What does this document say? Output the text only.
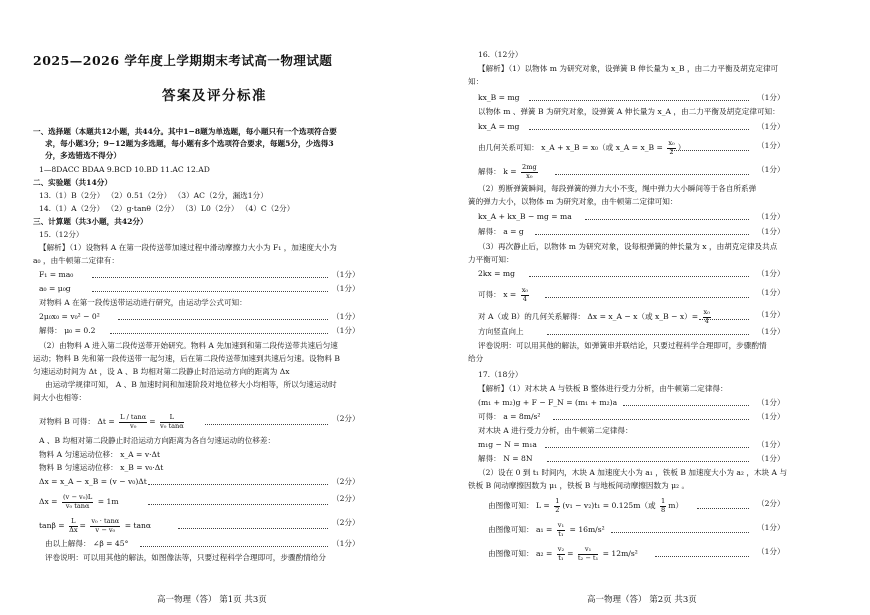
2025—2026 学年度上学期期末考试高一物理试题
答案及评分标准
一、选择题（本题共12小题，共44分。其中1−8题为单选题，每小题只有一个选项符合要
求，每小题3分；9−12题为多选题，每小题有多个选项符合要求，每题5分，少选得3
分，多选错选不得分）
1—8DACC BDAA 9.BCD 10.BD 11.AC 12.AD
二、实验题（共14分）
13.（1）B（2分） （2）0.51（2分） （3）AC（2分，漏选1分）
14.（1）A（2分） （2）g·tanθ（2分） （3）L0（2分） （4）C（2分）
三、计算题（共3小题，共42分）
15.（12分）
【解析】（1）设物料 A 在第一段传送带加速过程中滑动摩擦力大小为 F₁ ，加速度大小为
a₀ ，由牛顿第二定律有：
F₁ = ma₀	（1分）
a₀ = μ₀g	（1分）
对物料 A 在第一段传送带运动进行研究，由运动学公式可知：
2μ₀x₀ = v₀² − 0²	（1分）
解得： μ₀ = 0.2	（1分）
（2）由物料 A 进入第二段传送带开始研究。物料 A 先加速到和第二段传送带共速后匀速
运动；物料 B 先和第一段传送带一起匀速，后在第二段传送带加速到共速后匀速。设物料 B
匀速运动时间为 Δt ，设 A 、B 均相对第二段静止时沿运动方向的距离为 Δx
由运动学规律可知， A 、B 加速时间和加速阶段对地位移大小均相等，所以匀速运动时
间大小也相等：
对物料 B 可得： $\Delta t = \frac{L / \tan\alpha}{\text{v₀}} = \frac{L}{\text{v₀ tanα}}$	（2分）
A 、B 均相对第二段静止时沿运动方向距离为各自匀速运动的位移差：
物料 A 匀速运动位移： x_A = v·Δt
物料 B 匀速运动位移： x_B = v₀·Δt
Δx = x_A − x_B = (v − v₀)Δt	（2分）
$\Delta x = \frac{\text{(v − v₀)L}}{\text{v₀ tanα}} = 1m$	（2分）
$\tan\beta = \frac{L}{\Delta x} = \frac{\text{v₀ · tanα}}{\text{v − v₀}} = \tan\alpha$	（2分）
由以上解得： ∠β = 45°	（1分）
评卷说明：可以用其他的解法，如图像法等，只要过程科学合理即可，步骤酌情给分
高一物理（答） 第1页 共3页
16.（12分）
【解析】（1）以物体 m 为研究对象，设弹簧 B 伸长量为 x_B ，由二力平衡及胡克定律可
知：
kx_B = mg	（1分）
以物体 m 、弹簧 B 为研究对象，设弹簧 A 伸长量为 x_A ，由二力平衡及胡克定律可知：
kx_A = mg	（1分）
由几何关系可知： x_A + x_B = x₀（或 x_A = x_B = $\frac{\text{x₀}}{2}$ ）	（1分）
解得： $k = \frac{2mg}{\text{x₀}}$	（1分）
（2）剪断弹簧瞬间，每段弹簧的弹力大小不变，绳中弹力大小瞬间等于各自所系弹
簧的弹力大小，以物体 m 为研究对象，由牛顿第二定律可知：
kx_A + kx_B − mg = ma	（1分）
解得： a = g	（1分）
（3）再次静止后，以物体 m 为研究对象，设每根弹簧的伸长量为 x ，由胡克定律及共点
力平衡可知：
2kx = mg	（1分）
可得： $x = \frac{\text{x₀}}{4}$	（1分）
对 A（或 B）的几何关系解得： Δx = x_A − x（或 x_B − $x)= \frac{\text{x₀}}{4}$	（1分）
方向竖直向上	（1分）
评卷说明：可以用其他的解法，如弹簧串并联结论，只要过程科学合理即可，步骤酌情
给分
17.（18分）
【解析】（1）对木块 A 与铁板 B 整体进行受力分析，由牛顿第二定律得：
(m₁ + m₂)g + F − F_N = (m₁ + m₂)a	（1分）
可得： a = 8m/s²	（1分）
对木块 A 进行受力分析，由牛顿第二定律得：
m₁g − N = m₁a	（1分）
解得： N = 8N	（1分）
（2）设在 0 到 t₁ 时间内，木块 A 加速度大小为 a₁ ，铁板 B 加速度大小为 a₂ ，木块 A 与
铁板 B 间动摩擦因数为 μ₁ ，铁板 B 与地板间动摩擦因数为 μ₂ 。
由图像可知： $L = \frac{1}{2} (v_1 - v_2)t_1 = 0.125m$（或 $\frac{1}{8} m$）	（2分）
由图像可知： $a_1 = \frac{\text{v₁}}{\text{t₁}} = 16m/s^2$	（1分）
由图像可知： $a_2 = \frac{\text{v₂}}{\text{t₁}} = \frac{\text{v₁}}{\text{t₂ − t₁}} = 12m/s^2$	（1分）
高一物理（答） 第2页 共3页
